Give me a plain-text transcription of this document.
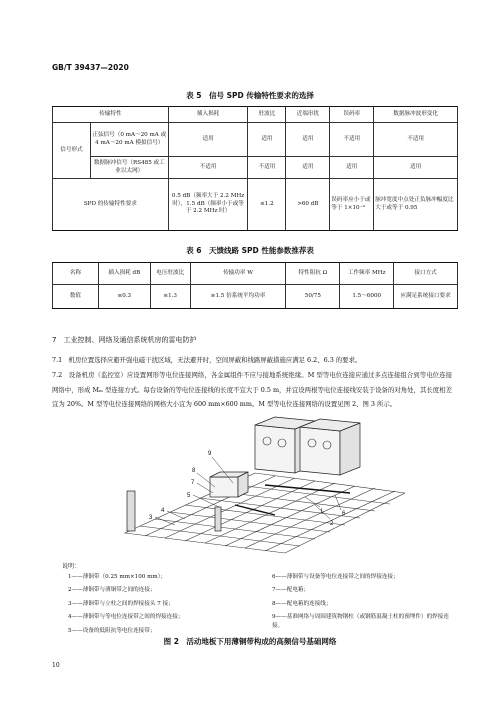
GB/T 39437—2020
表 5　信号 SPD 传输特性要求的选择
传输特性		插入损耗	驻波比	近端串扰	误码率	数据脉冲波形变化
信号形式	正弦信号（0 mA～20 mA 或 4 mA～20 mA 模拟信号）	适用	适用	适用	不适用	不适用
	数据脉冲信号（RS485 或工业以太网）	不适用	不适用	适用	适用	适用
SPD 的传输特性要求		0.5 dB（频率大于 2.2 MHz 时），1.5 dB（频率小于或等于 2.2 MHz 时）	≤1.2	>60 dB	误码率应小于或等于 1×10⁻⁹	脉冲宽度中点处正负脉冲幅度比大于或等于 0.95
表 6　天馈线路 SPD 性能参数推荐表
名称	插入损耗 dB	电压驻波比	传输功率 W	特性阻抗 Ω	工作频率 MHz	接口方式
数值	≤0.3	≤1.3	≥1.5 倍系统平均功率	50/75	1.5～6000	应满足系统接口要求
7　工业控制、网络及通信系统机房的雷电防护
7.1　机房位置选择应避开强电磁干扰区域，无法避开时，空间屏蔽和线路屏蔽措施应满足 6.2、6.3 的要求。
7.2　设备机房（监控室）应设置网形等电位连接网络，各金属组件不应与接地系统绝缘。M 型等电位连接应通过多点连接组合到等电位连接网络中，形成 Mₘ 型连接方式。每台设备的等电位连接线的长度不宜大于 0.5 m，并宜设两根等电位连接线安装于设备的对角处，其长度相差宜为 20%。M 型等电位连接网络的网格大小宜为 600 mm×600 mm。M 型等电位连接网络的设置见图 2、图 3 所示。
9
8
7
5
3
4	1
2
6
说明：
1——薄铜带（0.25 mm×100 mm）；
2——薄铜带与薄铜带之间的连接；
3——薄铜带与立柱之间的焊接接头 7 接；
4——薄铜带与等电位连接带之间的焊接连接；
5——设备的低阻抗等电位连接带；
6——薄铜带与设备等电位连接带之间的焊接连接；
7——配电箱；
8——配电箱的连接线；
9——基准网络与周围建筑物钢柱（或钢筋混凝土柱的预埋件）的焊接连接。
图 2　活动地板下用薄铜带构成的高频信号基础网络
10
